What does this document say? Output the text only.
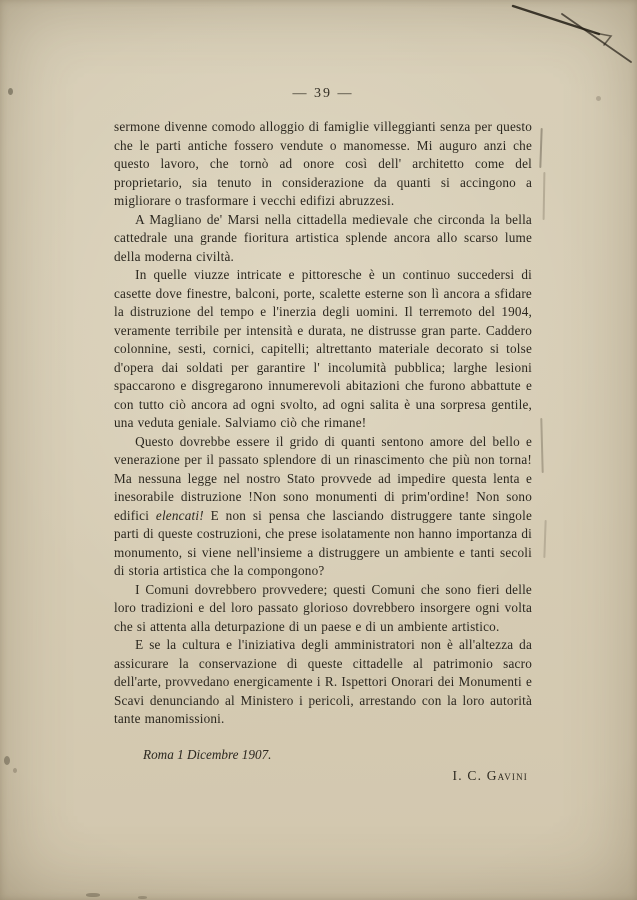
— 39 —

sermone divenne comodo alloggio di famiglie villeggianti senza per questo che le parti antiche fossero vendute o manomesse. Mi auguro anzi che questo lavoro, che tornò ad onore così dell' architetto come del proprietario, sia tenuto in considerazione da quanti si accingono a migliorare o trasformare i vecchi edifizi abruzzesi.

A Magliano de' Marsi nella cittadella medievale che circonda la bella cattedrale una grande fioritura artistica splende ancora allo scarso lume della moderna civiltà.

In quelle viuzze intricate e pittoresche è un continuo succedersi di casette dove finestre, balconi, porte, scalette esterne son lì ancora a sfidare la distruzione del tempo e l'inerzia degli uomini. Il terremoto del 1904, veramente terribile per intensità e durata, ne distrusse gran parte. Caddero colonnine, sesti, cornici, capitelli; altrettanto materiale decorato si tolse d'opera dai soldati per garantire l' incolumità pubblica; larghe lesioni spaccarono e disgregarono innumerevoli abitazioni che furono abbattute e con tutto ciò ancora ad ogni svolto, ad ogni salita è una sorpresa gentile, una veduta geniale. Salviamo ciò che rimane!

Questo dovrebbe essere il grido di quanti sentono amore del bello e venerazione per il passato splendore di un rinascimento che più non torna! Ma nessuna legge nel nostro Stato provvede ad impedire questa lenta e inesorabile distruzione !Non sono monumenti di prim'ordine! Non sono edifici elencati! E non si pensa che lasciando distruggere tante singole parti di queste costruzioni, che prese isolatamente non hanno importanza di monumento, si viene nell'insieme a distruggere un ambiente e tanti secoli di storia artistica che la compongono?

I Comuni dovrebbero provvedere; questi Comuni che sono fieri delle loro tradizioni e del loro passato glorioso dovrebbero insorgere ogni volta che si attenta alla deturpazione di un paese e di un ambiente artistico.

E se la cultura e l'iniziativa degli amministratori non è all'altezza da assicurare la conservazione di queste cittadelle al patrimonio sacro dell'arte, provvedano energicamente i R. Ispettori Onorari dei Monumenti e Scavi denunciando al Ministero i pericoli, arrestando con la loro autorità tante manomissioni.

Roma 1 Dicembre 1907.

I. C. Gavini
